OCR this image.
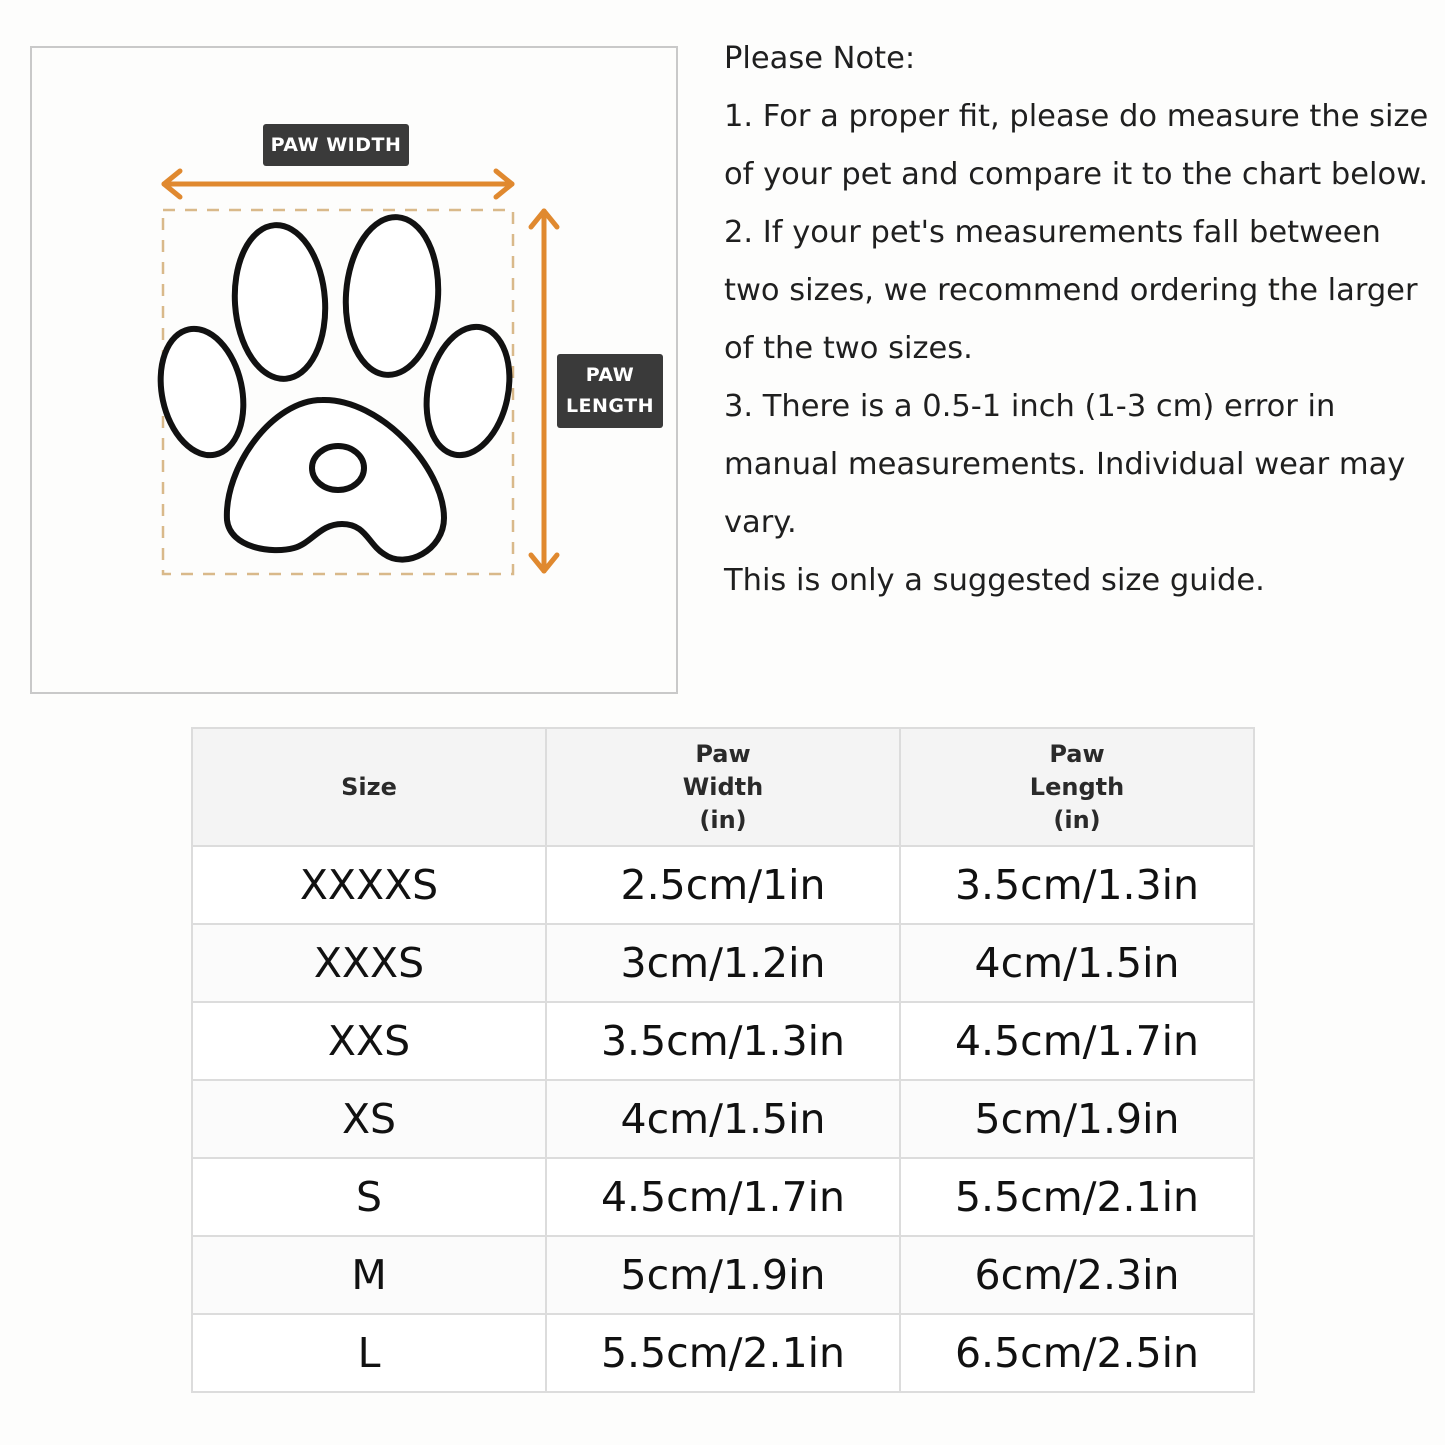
PAW WIDTH
PAW
LENGTH

Please Note:

1. For a proper fit, please do measure the size of your pet and compare it to the chart below.

2. If your pet's measurements fall between two sizes, we recommend ordering the larger of the two sizes.

3. There is a 0.5-1 inch (1-3 cm) error in manual measurements. Individual wear may vary.

This is only a suggested size guide.

Size	Paw
Width
(in)	Paw
Length
(in)

XXXXS	2.5cm/1in	3.5cm/1.3in
XXXS	3cm/1.2in	4cm/1.5in
XXS	3.5cm/1.3in	4.5cm/1.7in
XS	4cm/1.5in	5cm/1.9in
S	4.5cm/1.7in	5.5cm/2.1in
M	5cm/1.9in	6cm/2.3in
L	5.5cm/2.1in	6.5cm/2.5in
